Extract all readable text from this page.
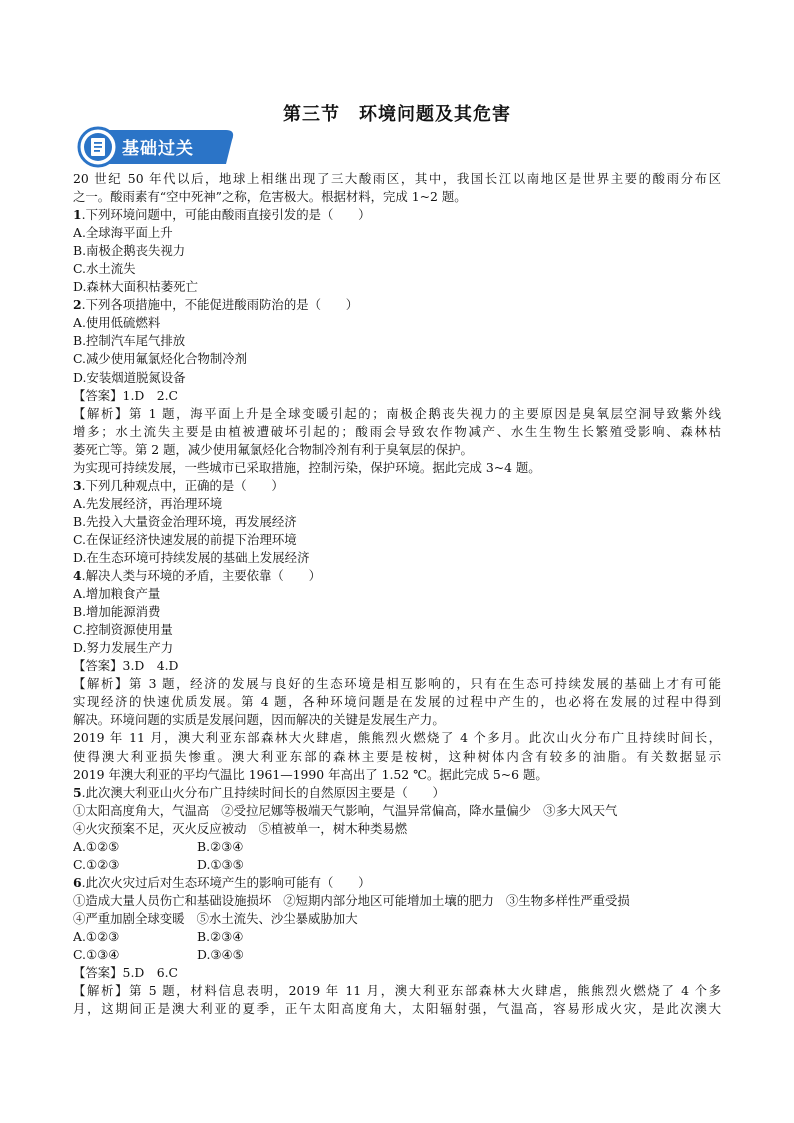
第三节　环境问题及其危害
基础过关
20 世纪 50 年代以后，地球上相继出现了三大酸雨区，其中，我国长江以南地区是世界主要的酸雨分布区
之一。酸雨素有“空中死神”之称，危害极大。根据材料，完成 1~2 题。
1.下列环境问题中，可能由酸雨直接引发的是（　　）
A.全球海平面上升
B.南极企鹅丧失视力
C.水土流失
D.森林大面积枯萎死亡
2.下列各项措施中，不能促进酸雨防治的是（　　）
A.使用低硫燃料
B.控制汽车尾气排放
C.减少使用氟氯烃化合物制冷剂
D.安装烟道脱氮设备
【答案】1.D　2.C
【解析】第 1 题，海平面上升是全球变暖引起的；南极企鹅丧失视力的主要原因是臭氧层空洞导致紫外线
增多；水土流失主要是由植被遭破坏引起的；酸雨会导致农作物减产、水生生物生长繁殖受影响、森林枯
萎死亡等。第 2 题，减少使用氟氯烃化合物制冷剂有利于臭氧层的保护。
为实现可持续发展，一些城市已采取措施，控制污染，保护环境。据此完成 3~4 题。
3.下列几种观点中，正确的是（　　）
A.先发展经济，再治理环境
B.先投入大量资金治理环境，再发展经济
C.在保证经济快速发展的前提下治理环境
D.在生态环境可持续发展的基础上发展经济
4.解决人类与环境的矛盾，主要依靠（　　）
A.增加粮食产量
B.增加能源消费
C.控制资源使用量
D.努力发展生产力
【答案】3.D　4.D
【解析】第 3 题，经济的发展与良好的生态环境是相互影响的，只有在生态可持续发展的基础上才有可能
实现经济的快速优质发展。第 4 题，各种环境问题是在发展的过程中产生的，也必将在发展的过程中得到
解决。环境问题的实质是发展问题，因而解决的关键是发展生产力。
2019 年 11 月，澳大利亚东部森林大火肆虐，熊熊烈火燃烧了 4 个多月。此次山火分布广且持续时间长，
使得澳大利亚损失惨重。澳大利亚东部的森林主要是桉树，这种树体内含有较多的油脂。有关数据显示
2019 年澳大利亚的平均气温比 1961—1990 年高出了 1.52 ℃。据此完成 5~6 题。
5.此次澳大利亚山火分布广且持续时间长的自然原因主要是（　　）
①太阳高度角大，气温高 ②受拉尼娜等极端天气影响，气温异常偏高，降水量偏少 ③多大风天气
④火灾预案不足，灭火反应被动 ⑤植被单一，树木种类易燃
A.①②⑤	B.②③④
C.①②③	D.①③⑤
6.此次火灾过后对生态环境产生的影响可能有（　　）
①造成大量人员伤亡和基础设施损坏 ②短期内部分地区可能增加土壤的肥力 ③生物多样性严重受损
④严重加剧全球变暖 ⑤水土流失、沙尘暴威胁加大
A.①②③	B.②③④
C.①③④	D.③④⑤
【答案】5.D　6.C
【解析】第 5 题，材料信息表明，2019 年 11 月，澳大利亚东部森林大火肆虐，熊熊烈火燃烧了 4 个多
月，这期间正是澳大利亚的夏季，正午太阳高度角大，太阳辐射强，气温高，容易形成火灾，是此次澳大
